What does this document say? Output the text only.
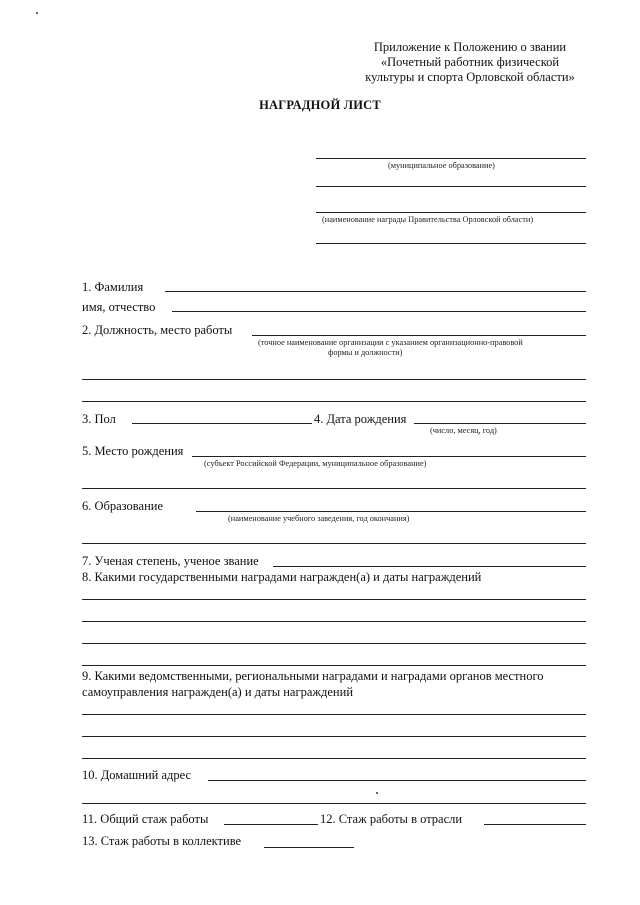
Приложение к Положению о звании
«Почетный работник физической
культуры и спорта Орловской области»
НАГРАДНОЙ ЛИСТ
(муниципальное образование)
(наименование награды Правительства Орловской области)
1. Фамилия
имя, отчество
2. Должность, место работы
(точное наименование организации с указанием организационно-правовой
формы и должности)
3. Пол	4. Дата рождения
(число, месяц, год)
5. Место рождения
(субъект Российской Федерации, муниципальное образование)
6. Образование
(наименование учебного заведения, год окончания)
7. Ученая степень, ученое звание
8. Какими государственными наградами награжден(а) и даты награждений
9. Какими ведомственными, региональными наградами и наградами органов местного
самоуправления награжден(а) и даты награждений
10. Домашний адрес
11. Общий стаж работы	12. Стаж работы в отрасли
13. Стаж работы в коллективе
